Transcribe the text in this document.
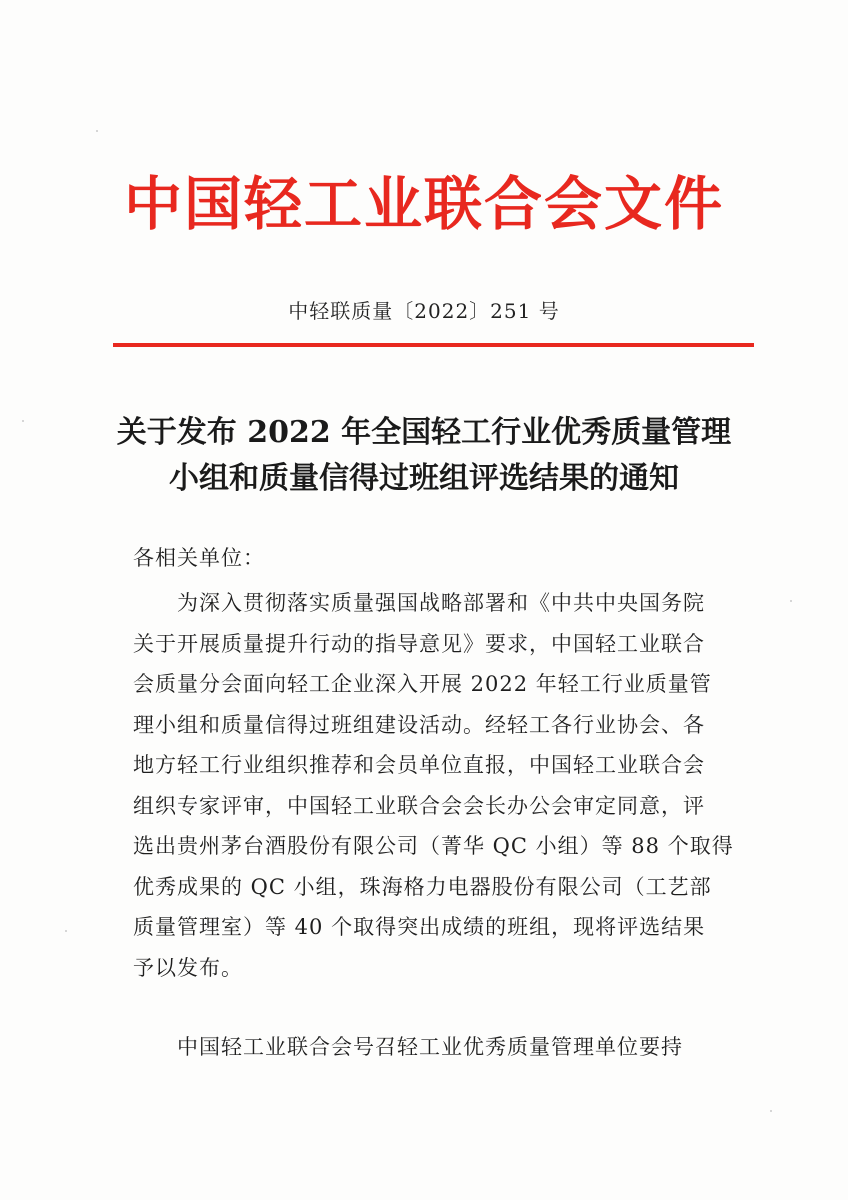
中国轻工业联合会文件
中轻联质量〔2022〕251 号
关于发布 2022 年全国轻工行业优秀质量管理
小组和质量信得过班组评选结果的通知
各相关单位：
　　为深入贯彻落实质量强国战略部署和《中共中央国务院
关于开展质量提升行动的指导意见》要求，中国轻工业联合
会质量分会面向轻工企业深入开展 2022 年轻工行业质量管
理小组和质量信得过班组建设活动。经轻工各行业协会、各
地方轻工行业组织推荐和会员单位直报，中国轻工业联合会
组织专家评审，中国轻工业联合会会长办公会审定同意，评
选出贵州茅台酒股份有限公司（菁华 QC 小组）等 88 个取得
优秀成果的 QC 小组，珠海格力电器股份有限公司（工艺部
质量管理室）等 40 个取得突出成绩的班组，现将评选结果
予以发布。
　　中国轻工业联合会号召轻工业优秀质量管理单位要持
